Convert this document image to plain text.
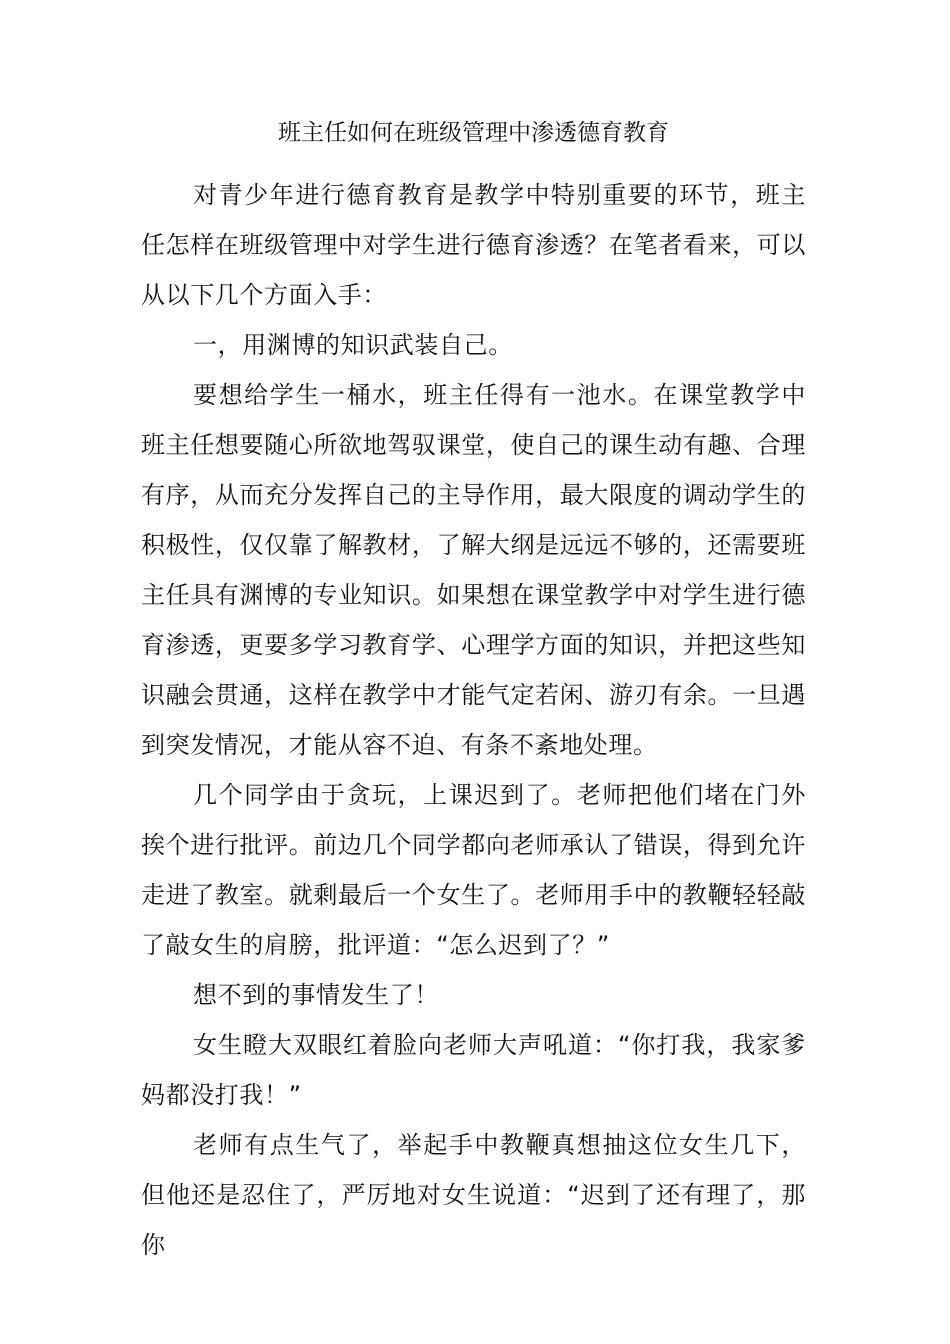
班主任如何在班级管理中渗透德育教育

对青少年进行德育教育是教学中特别重要的环节，班主任怎样在班级管理中对学生进行德育渗透？在笔者看来，可以从以下几个方面入手：

一，用渊博的知识武装自己。

要想给学生一桶水，班主任得有一池水。在课堂教学中班主任想要随心所欲地驾驭课堂，使自己的课生动有趣、合理有序，从而充分发挥自己的主导作用，最大限度的调动学生的积极性，仅仅靠了解教材，了解大纲是远远不够的，还需要班主任具有渊博的专业知识。如果想在课堂教学中对学生进行德育渗透，更要多学习教育学、心理学方面的知识，并把这些知识融会贯通，这样在教学中才能气定若闲、游刃有余。一旦遇到突发情况，才能从容不迫、有条不紊地处理。

几个同学由于贪玩，上课迟到了。老师把他们堵在门外挨个进行批评。前边几个同学都向老师承认了错误，得到允许走进了教室。就剩最后一个女生了。老师用手中的教鞭轻轻敲了敲女生的肩膀，批评道：“怎么迟到了？”

想不到的事情发生了！

女生瞪大双眼红着脸向老师大声吼道：“你打我，我家爹妈都没打我！”

老师有点生气了，举起手中教鞭真想抽这位女生几下，但他还是忍住了，严厉地对女生说道：“迟到了还有理了，那你
